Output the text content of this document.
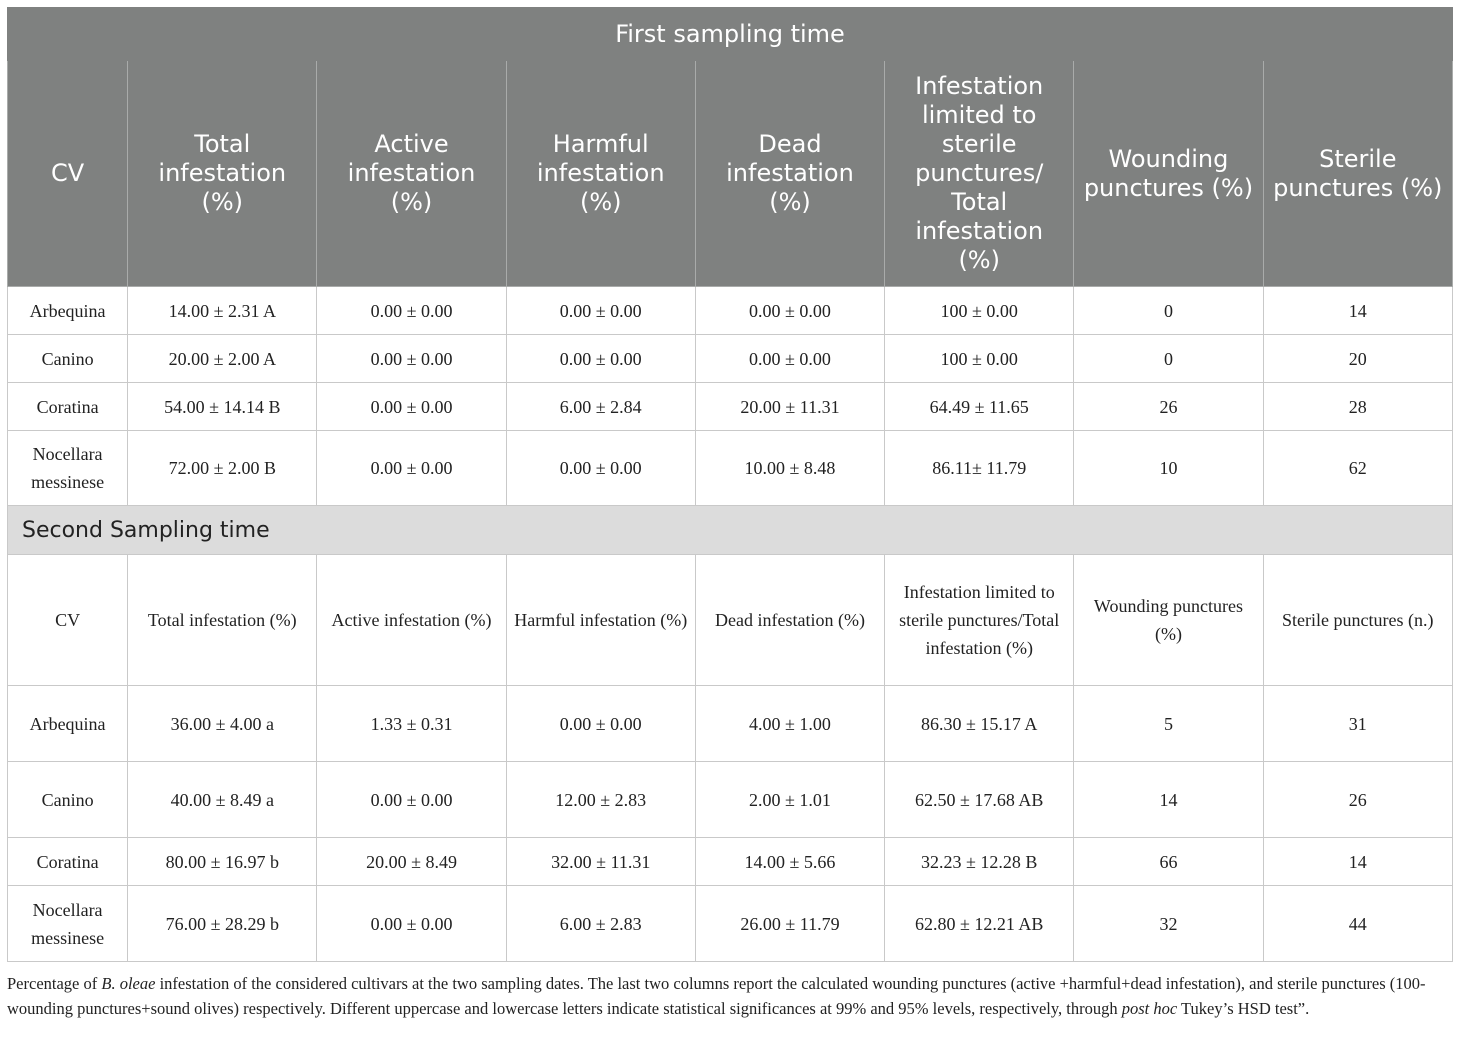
First sampling time							
CV	Total infestation (%)	Active infestation (%)	Harmful infestation (%)	Dead infestation (%)	Infestation limited to sterile punctures/ Total infestation (%)	Wounding punctures (%)	Sterile punctures (%)
Arbequina	14.00 ± 2.31 A	0.00 ± 0.00	0.00 ± 0.00	0.00 ± 0.00	100 ± 0.00	0	14
Canino	20.00 ± 2.00 A	0.00 ± 0.00	0.00 ± 0.00	0.00 ± 0.00	100 ± 0.00	0	20
Coratina	54.00 ± 14.14 B	0.00 ± 0.00	6.00 ± 2.84	20.00 ± 11.31	64.49 ± 11.65	26	28
Nocellara messinese	72.00 ± 2.00 B	0.00 ± 0.00	0.00 ± 0.00	10.00 ± 8.48	86.11± 11.79	10	62
Second Sampling time							
CV	Total infestation (%)	Active infestation (%)	Harmful infestation (%)	Dead infestation (%)	Infestation limited to sterile punctures/Total infestation (%)	Wounding punctures (%)	Sterile punctures (n.)
Arbequina	36.00 ± 4.00 a	1.33 ± 0.31	0.00 ± 0.00	4.00 ± 1.00	86.30 ± 15.17 A	5	31
Canino	40.00 ± 8.49 a	0.00 ± 0.00	12.00 ± 2.83	2.00 ± 1.01	62.50 ± 17.68 AB	14	26
Coratina	80.00 ± 16.97 b	20.00 ± 8.49	32.00 ± 11.31	14.00 ± 5.66	32.23 ± 12.28 B	66	14
Nocellara messinese	76.00 ± 28.29 b	0.00 ± 0.00	6.00 ± 2.83	26.00 ± 11.79	62.80 ± 12.21 AB	32	44
Percentage of B. oleae infestation of the considered cultivars at the two sampling dates. The last two columns report the calculated wounding punctures (active +harmful+dead infestation), and sterile punctures (100-wounding punctures+sound olives) respectively. Different uppercase and lowercase letters indicate statistical significances at 99% and 95% levels, respectively, through post hoc Tukey’s HSD test”.
